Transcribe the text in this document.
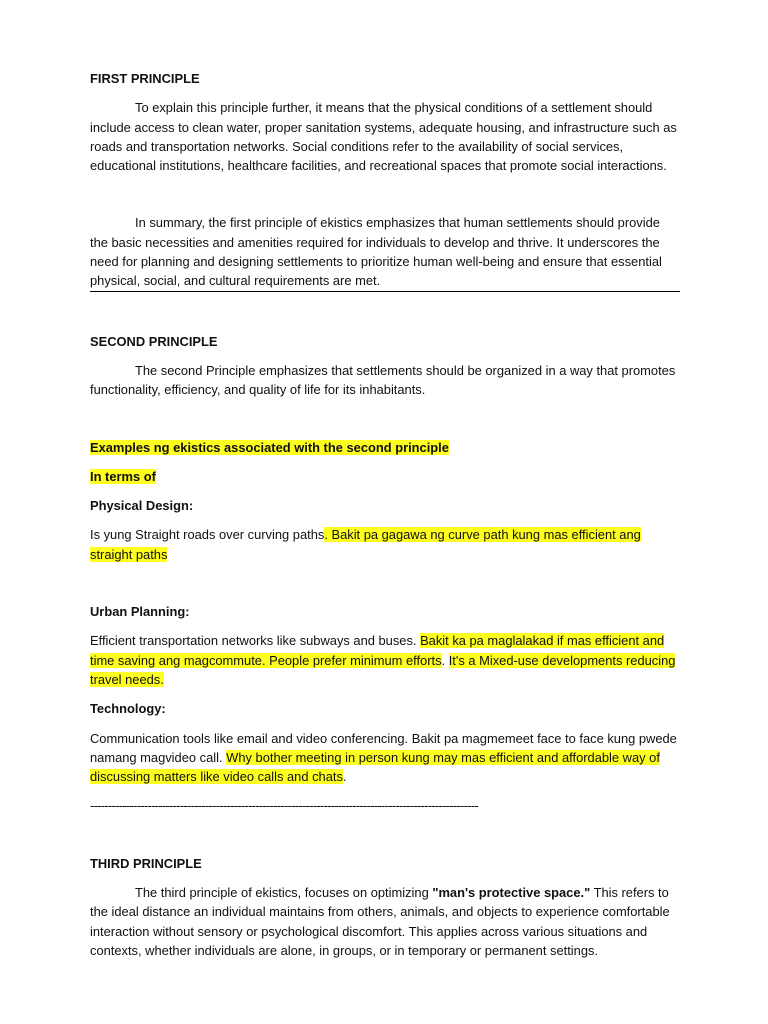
FIRST PRINCIPLE

To explain this principle further, it means that the physical conditions of a settlement should include access to clean water, proper sanitation systems, adequate housing, and infrastructure such as roads and transportation networks. Social conditions refer to the availability of social services, educational institutions, healthcare facilities, and recreational spaces that promote social interactions.

In summary, the first principle of ekistics emphasizes that human settlements should provide the basic necessities and amenities required for individuals to develop and thrive. It underscores the need for planning and designing settlements to prioritize human well-being and ensure that essential physical, social, and cultural requirements are met.

SECOND PRINCIPLE

The second Principle emphasizes that settlements should be organized in a way that promotes functionality, efficiency, and quality of life for its inhabitants.

Examples ng ekistics associated with the second principle
In terms of
Physical Design:

Is yung Straight roads over curving paths. Bakit pa gagawa ng curve path kung mas efficient ang straight paths

Urban Planning:

Efficient transportation networks like subways and buses. Bakit ka pa maglalakad if mas efficient and time saving ang magcommute. People prefer minimum efforts. It's a Mixed-use developments reducing travel needs.

Technology:

Communication tools like email and video conferencing. Bakit pa magmemeet face to face kung pwede namang magvideo call. Why bother meeting in person kung may mas efficient and affordable way of discussing matters like video calls and chats.

------------------------------------------------------------------------------------------------------------
THIRD PRINCIPLE

The third principle of ekistics, focuses on optimizing "man's protective space." This refers to the ideal distance an individual maintains from others, animals, and objects to experience comfortable interaction without sensory or psychological discomfort. This applies across various situations and contexts, whether individuals are alone, in groups, or in temporary or permanent settings.
